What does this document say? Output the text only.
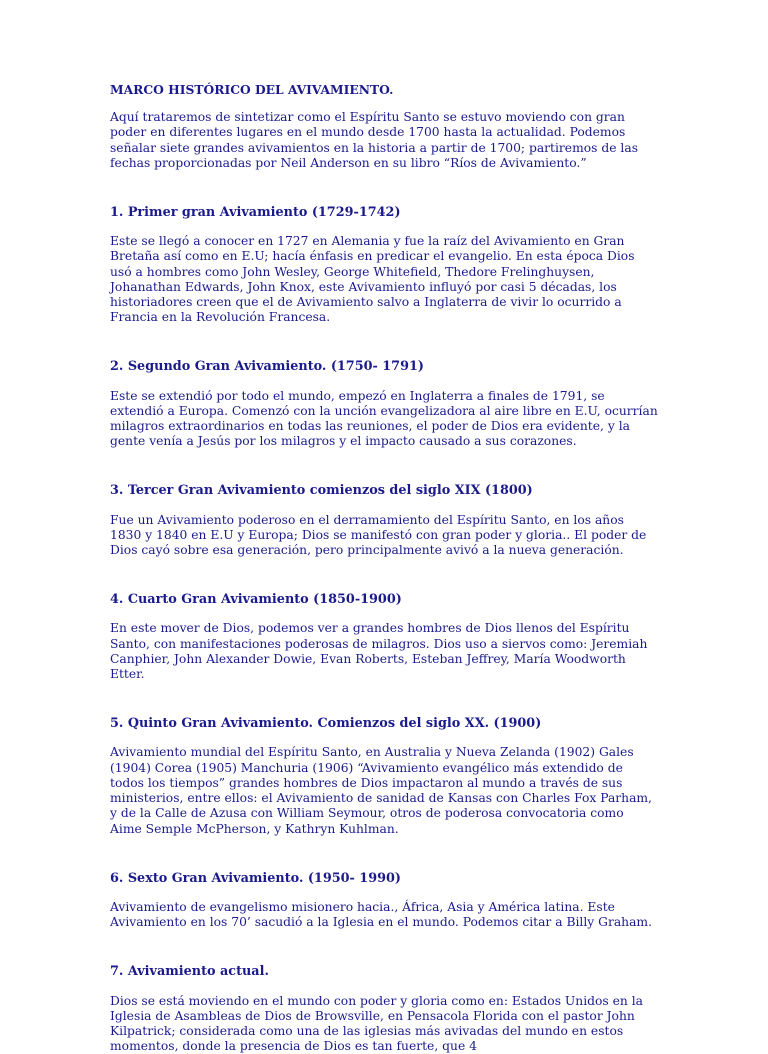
MARCO HISTÓRICO DEL AVIVAMIENTO.

Aquí trataremos de sintetizar como el Espíritu Santo se estuvo moviendo con gran poder en diferentes lugares en el mundo desde 1700 hasta la actualidad. Podemos señalar siete grandes avivamientos en la historia a partir de 1700; partiremos de las fechas proporcionadas por Neil Anderson en su libro “Ríos de Avivamiento.”

1. Primer gran Avivamiento (1729-1742)

Este se llegó a conocer en 1727 en Alemania y fue la raíz del Avivamiento en Gran Bretaña así como en E.U; hacía énfasis en predicar el evangelio. En esta época Dios usó a hombres como John Wesley, George Whitefield, Thedore Frelinghuysen, Johanathan Edwards, John Knox, este Avivamiento influyó por casi 5 décadas, los historiadores creen que el de Avivamiento salvo a Inglaterra de vivir lo ocurrido a Francia en la Revolución Francesa.

2. Segundo Gran Avivamiento. (1750- 1791)

Este se extendió por todo el mundo, empezó en Inglaterra a finales de 1791, se extendió a Europa. Comenzó con la unción evangelizadora al aire libre en E.U, ocurrían milagros extraordinarios en todas las reuniones, el poder de Dios era evidente, y la gente venía a Jesús por los milagros y el impacto causado a sus corazones.

3. Tercer Gran Avivamiento comienzos del siglo XIX (1800)

Fue un Avivamiento poderoso en el derramamiento del Espíritu Santo, en los años 1830 y 1840 en E.U y Europa; Dios se manifestó con gran poder y gloria.. El poder de Dios cayó sobre esa generación, pero principalmente avivó a la nueva generación.

4. Cuarto Gran Avivamiento (1850-1900)

En este mover de Dios, podemos ver a grandes hombres de Dios llenos del Espíritu Santo, con manifestaciones poderosas de milagros. Dios uso a siervos como: Jeremiah Canphier, John Alexander Dowie, Evan Roberts, Esteban Jeffrey, María Woodworth Etter.

5. Quinto Gran Avivamiento. Comienzos del siglo XX. (1900)

Avivamiento mundial del Espíritu Santo, en Australia y Nueva Zelanda (1902) Gales (1904) Corea (1905) Manchuria (1906) “Avivamiento evangélico más extendido de todos los tiempos” grandes hombres de Dios impactaron al mundo a través de sus ministerios, entre ellos: el Avivamiento de sanidad de Kansas con Charles Fox Parham, y de la Calle de Azusa con William Seymour, otros de poderosa convocatoria como Aime Semple McPherson, y Kathryn Kuhlman.

6. Sexto Gran Avivamiento. (1950- 1990)

Avivamiento de evangelismo misionero hacia., África, Asia y América latina. Este Avivamiento en los 70’ sacudió a la Iglesia en el mundo. Podemos citar a Billy Graham.

7. Avivamiento actual.

Dios se está moviendo en el mundo con poder y gloria como en: Estados Unidos en la Iglesia de Asambleas de Dios de Browsville, en Pensacola Florida con el pastor John Kilpatrick; considerada como una de las iglesias más avivadas del mundo en estos momentos, donde la presencia de Dios es tan fuerte, que 4
